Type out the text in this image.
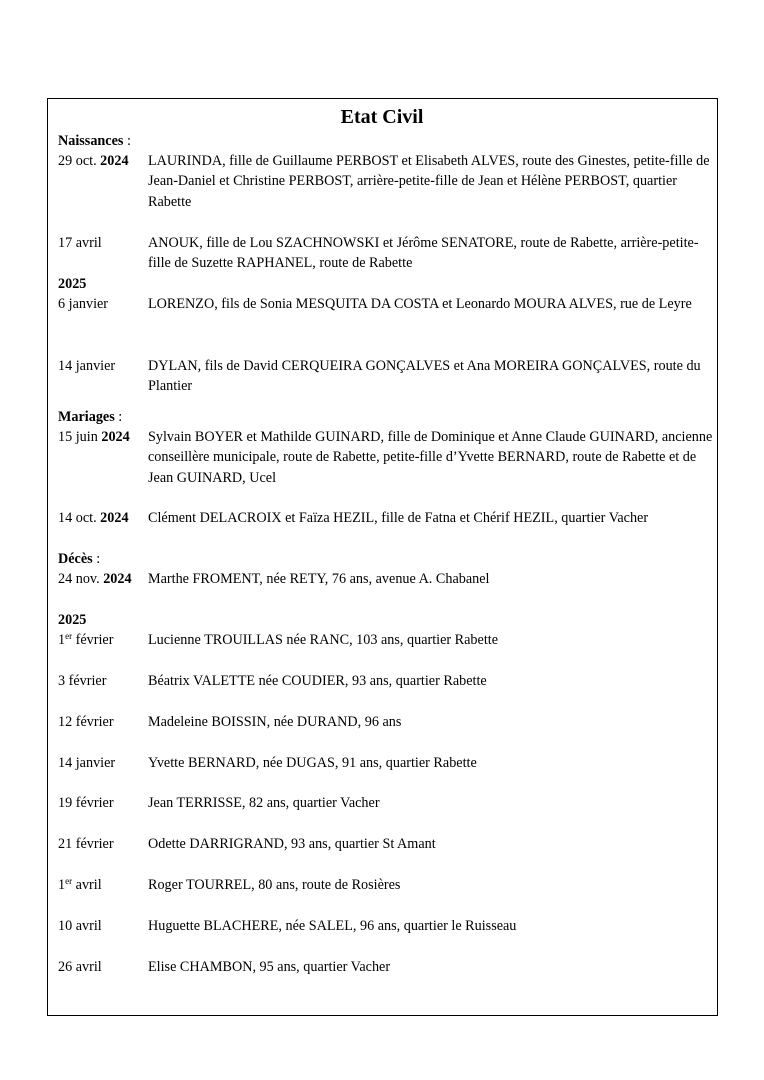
Etat Civil
Naissances :
29 oct. 2024	LAURINDA, fille de Guillaume PERBOST et Elisabeth ALVES, route des Ginestes, petite-fille de Jean-Daniel et Christine PERBOST, arrière-petite-fille de Jean et Hélène PERBOST, quartier Rabette
17 avril	ANOUK, fille de Lou SZACHNOWSKI et Jérôme SENATORE, route de Rabette, arrière-petite-fille de Suzette RAPHANEL, route de Rabette
2025
6 janvier	LORENZO, fils de Sonia MESQUITA DA COSTA et Leonardo MOURA ALVES, rue de Leyre
14 janvier	DYLAN, fils de David CERQUEIRA GONÇALVES et Ana MOREIRA GONÇALVES, route du Plantier
Mariages :
15 juin 2024	Sylvain BOYER et Mathilde GUINARD, fille de Dominique et Anne Claude GUINARD, ancienne conseillère municipale, route de Rabette, petite-fille d’Yvette BERNARD, route de Rabette et de Jean GUINARD, Ucel
14 oct. 2024	Clément DELACROIX et Faïza HEZIL, fille de Fatna et Chérif HEZIL, quartier Vacher
Décès :
24 nov. 2024	Marthe FROMENT, née RETY, 76 ans, avenue A. Chabanel
2025
1er février	Lucienne TROUILLAS née RANC, 103 ans, quartier Rabette
3 février	Béatrix VALETTE née COUDIER, 93 ans, quartier Rabette
12 février	Madeleine BOISSIN, née DURAND, 96 ans
14 janvier	Yvette BERNARD, née DUGAS, 91 ans, quartier Rabette
19 février	Jean TERRISSE, 82 ans, quartier Vacher
21 février	Odette DARRIGRAND, 93 ans, quartier St Amant
1er avril	Roger TOURREL, 80 ans, route de Rosières
10 avril	Huguette BLACHERE, née SALEL, 96 ans, quartier le Ruisseau
26 avril	Elise CHAMBON, 95 ans, quartier Vacher
